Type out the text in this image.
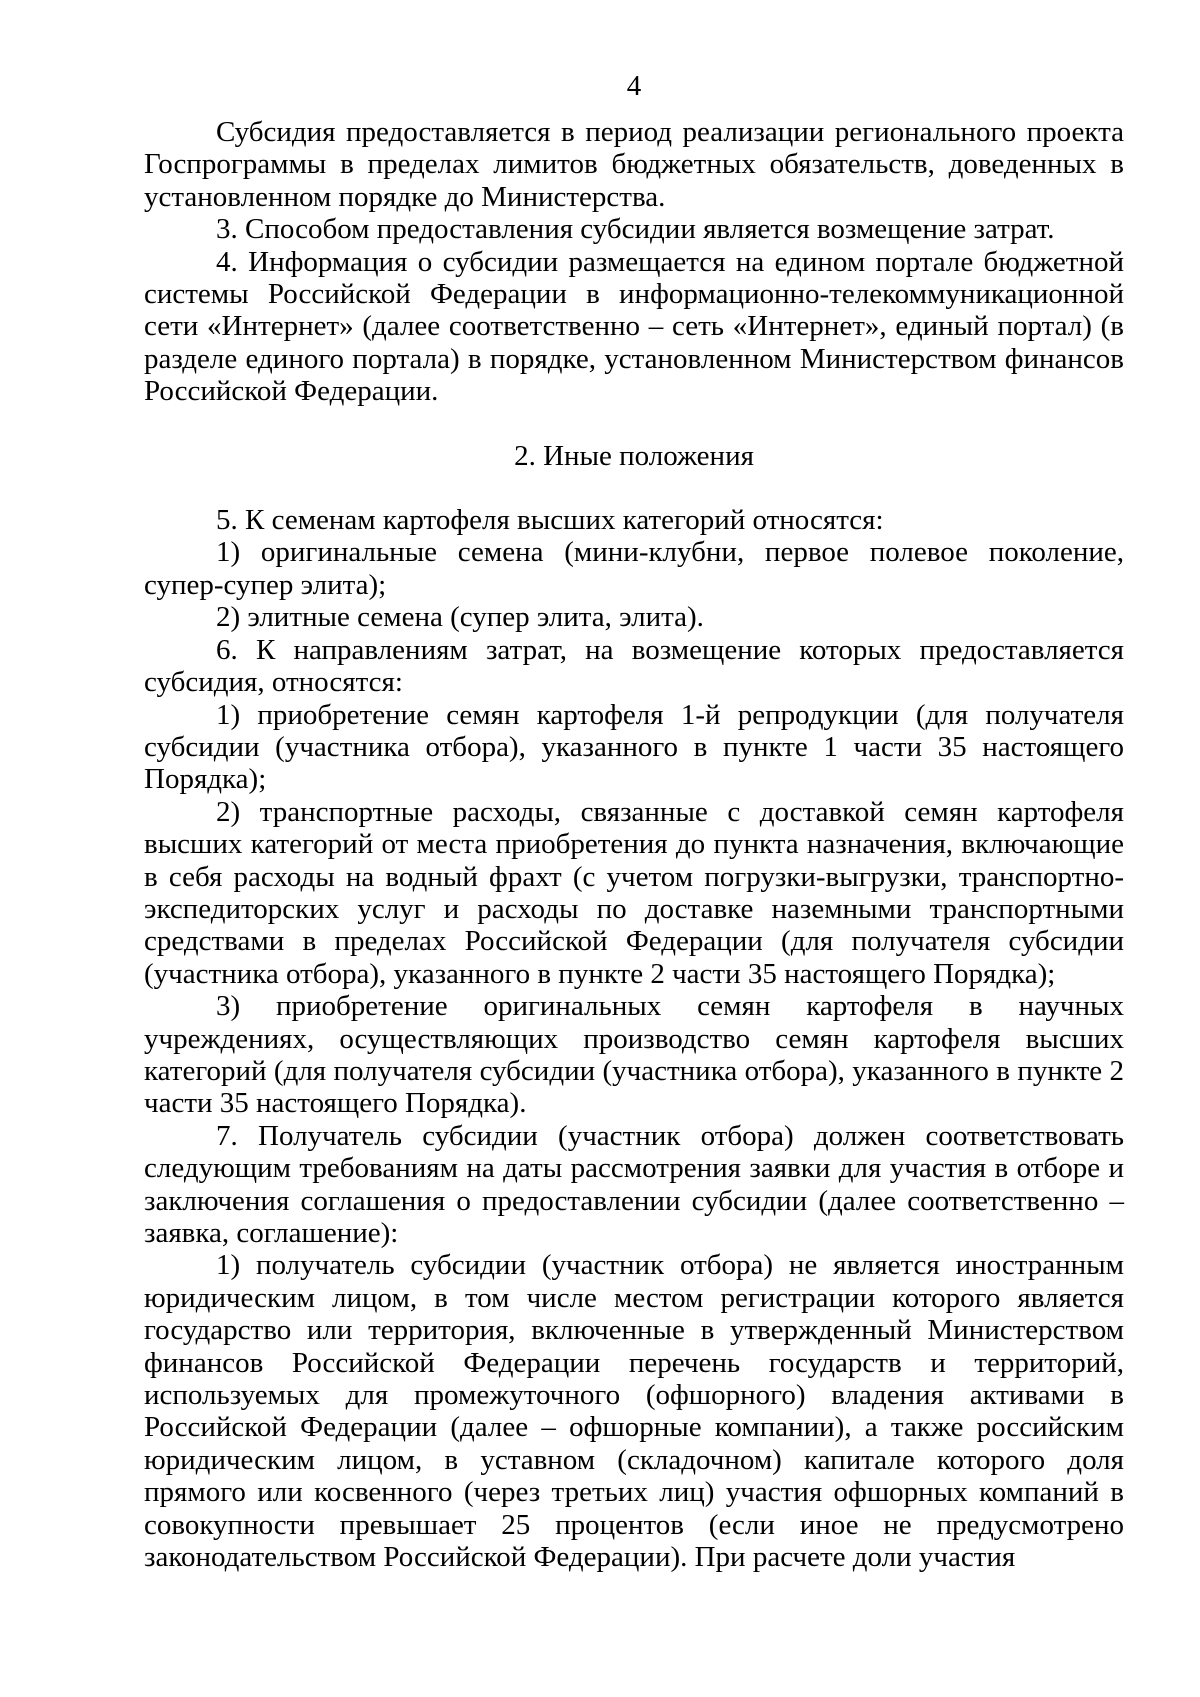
4

Субсидия предоставляется в период реализации регионального проекта Госпрограммы в пределах лимитов бюджетных обязательств, доведенных в установленном порядке до Министерства.

3. Способом предоставления субсидии является возмещение затрат.

4. Информация о субсидии размещается на едином портале бюджетной системы Российской Федерации в информационно-телекоммуникационной сети «Интернет» (далее соответственно – сеть «Интернет», единый портал) (в разделе единого портала) в порядке, установленном Министерством финансов Российской Федерации.

2. Иные положения

5. К семенам картофеля высших категорий относятся:

1) оригинальные семена (мини-клубни, первое полевое поколение, супер-супер элита);

2) элитные семена (супер элита, элита).

6. К направлениям затрат, на возмещение которых предоставляется субсидия, относятся:

1) приобретение семян картофеля 1-й репродукции (для получателя субсидии (участника отбора), указанного в пункте 1 части 35 настоящего Порядка);

2) транспортные расходы, связанные с доставкой семян картофеля высших категорий от места приобретения до пункта назначения, включающие в себя расходы на водный фрахт (с учетом погрузки-выгрузки, транспортно-экспедиторских услуг и расходы по доставке наземными транспортными средствами в пределах Российской Федерации (для получателя субсидии (участника отбора), указанного в пункте 2 части 35 настоящего Порядка);

3) приобретение оригинальных семян картофеля в научных учреждениях, осуществляющих производство семян картофеля высших категорий (для получателя субсидии (участника отбора), указанного в пункте 2 части 35 настоящего Порядка).

7. Получатель субсидии (участник отбора) должен соответствовать следующим требованиям на даты рассмотрения заявки для участия в отборе и заключения соглашения о предоставлении субсидии (далее соответственно – заявка, соглашение):

1) получатель субсидии (участник отбора) не является иностранным юридическим лицом, в том числе местом регистрации которого является государство или территория, включенные в утвержденный Министерством финансов Российской Федерации перечень государств и территорий, используемых для промежуточного (офшорного) владения активами в Российской Федерации (далее – офшорные компании), а также российским юридическим лицом, в уставном (складочном) капитале которого доля прямого или косвенного (через третьих лиц) участия офшорных компаний в совокупности превышает 25 процентов (если иное не предусмотрено законодательством Российской Федерации). При расчете доли участия
